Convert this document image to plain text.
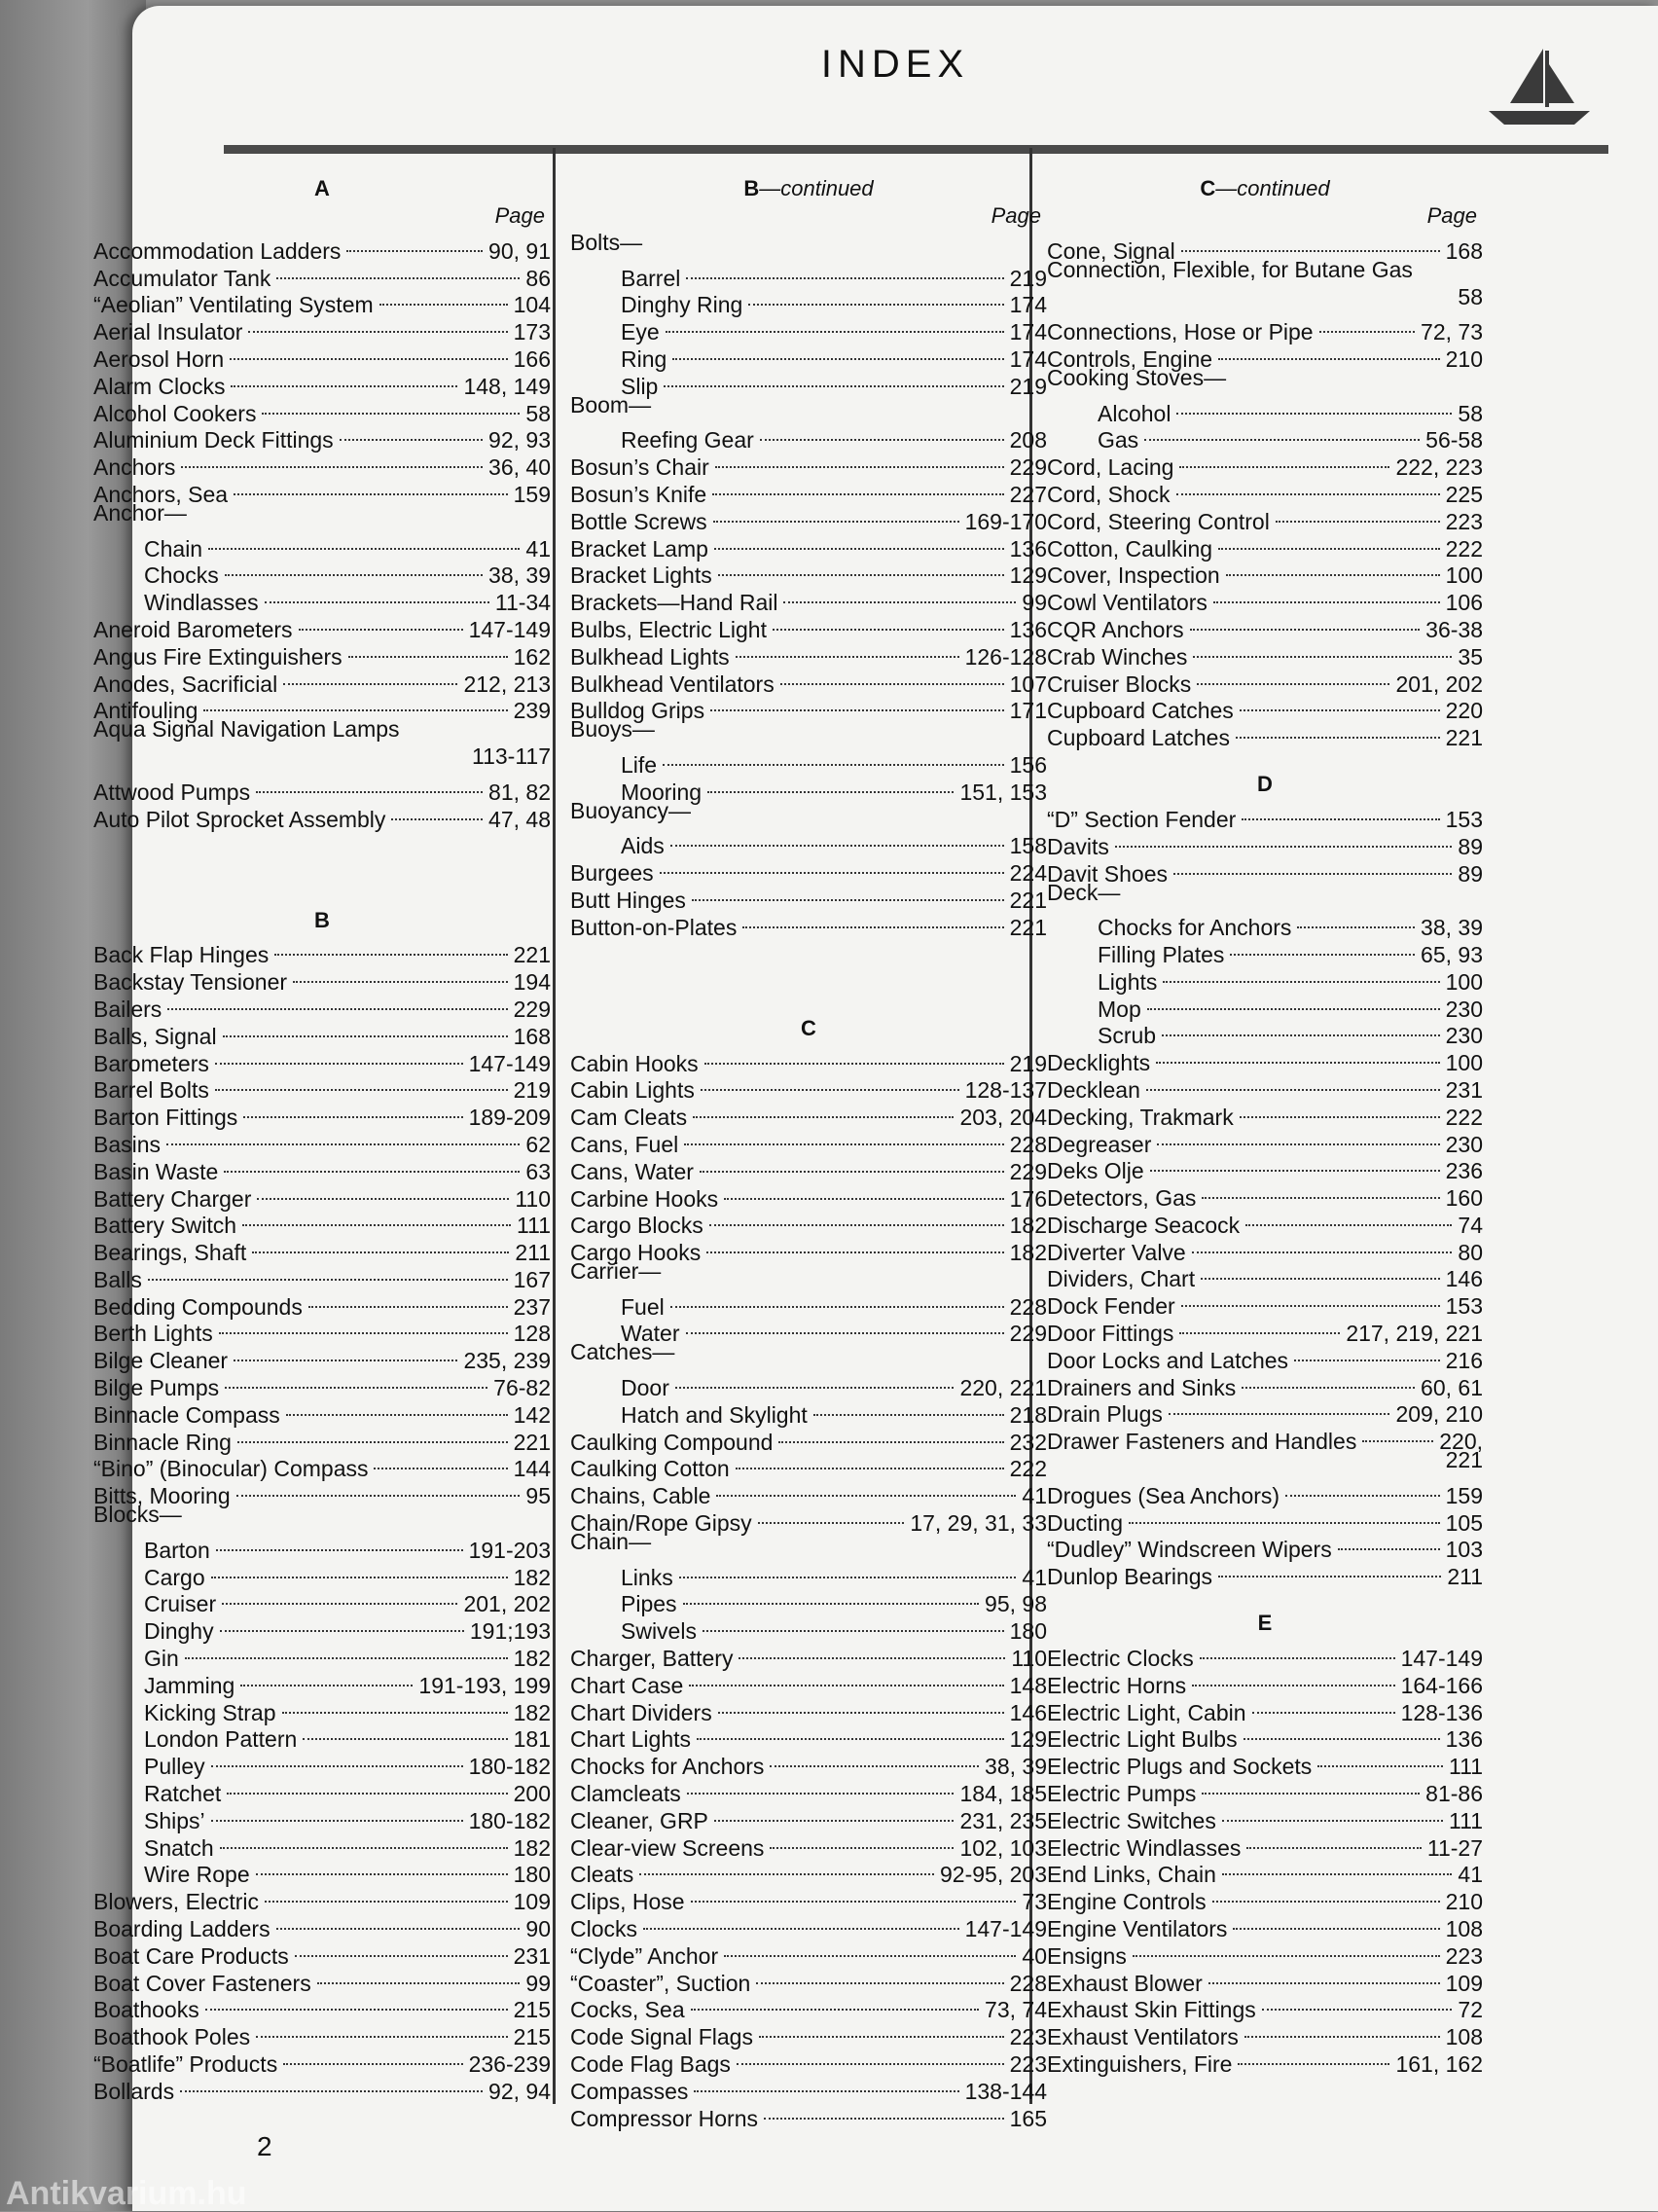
INDEX
2
A
Page
Accommodation Ladders	90, 91
Accumulator Tank	86
“Aeolian” Ventilating System	104
Aerial Insulator	173
Aerosol Horn	166
Alarm Clocks	148, 149
Alcohol Cookers	58
Aluminium Deck Fittings	92, 93
Anchors	36, 40
Anchors, Sea	159
Anchor—
Chain	41
Chocks	38, 39
Windlasses	11-34
Aneroid Barometers	147-149
Angus Fire Extinguishers	162
Anodes, Sacrificial	212, 213
Antifouling	239
Aqua Signal Navigation Lamps
113-117
Attwood Pumps	81, 82
Auto Pilot Sprocket Assembly	47, 48
B
Back Flap Hinges	221
Backstay Tensioner	194
Bailers	229
Balls, Signal	168
Barometers	147-149
Barrel Bolts	219
Barton Fittings	189-209
Basins	62
Basin Waste	63
Battery Charger	110
Battery Switch	111
Bearings, Shaft	211
Balls	167
Bedding Compounds	237
Berth Lights	128
Bilge Cleaner	235, 239
Bilge Pumps	76-82
Binnacle Compass	142
Binnacle Ring	221
“Bino” (Binocular) Compass	144
Bitts, Mooring	95
Blocks—
Barton	191-203
Cargo	182
Cruiser	201, 202
Dinghy	191;193
Gin	182
Jamming	191-193, 199
Kicking Strap	182
London Pattern	181
Pulley	180-182
Ratchet	200
Ships’	180-182
Snatch	182
Wire Rope	180
Blowers, Electric	109
Boarding Ladders	90
Boat Care Products	231
Boat Cover Fasteners	99
Boathooks	215
Boathook Poles	215
“Boatlife” Products	236-239
Bollards	92, 94
B—continued
Page
Bolts—
Barrel	219
Dinghy Ring	174
Eye	174
Ring	174
Slip	219
Boom—
Reefing Gear	208
Bosun’s Chair	229
Bosun’s Knife	227
Bottle Screws	169-170
Bracket Lamp	136
Bracket Lights	129
Brackets—Hand Rail	99
Bulbs, Electric Light	136
Bulkhead Lights	126-128
Bulkhead Ventilators	107
Bulldog Grips	171
Buoys—
Life	156
Mooring	151, 153
Buoyancy—
Aids	158
Burgees	224
Butt Hinges	221
Button-on-Plates	221
C
Cabin Hooks	219
Cabin Lights	128-137
Cam Cleats	203, 204
Cans, Fuel	228
Cans, Water	229
Carbine Hooks	176
Cargo Blocks	182
Cargo Hooks	182
Carrier—
Fuel	228
Water	229
Catches—
Door	220, 221
Hatch and Skylight	218
Caulking Compound	232
Caulking Cotton	222
Chains, Cable	41
Chain/Rope Gipsy	17, 29, 31, 33
Chain—
Links	41
Pipes	95, 98
Swivels	180
Charger, Battery	110
Chart Case	148
Chart Dividers	146
Chart Lights	129
Chocks for Anchors	38, 39
Clamcleats	184, 185
Cleaner, GRP	231, 235
Clear-view Screens	102, 103
Cleats	92-95, 203
Clips, Hose	73
Clocks	147-149
“Clyde” Anchor	40
“Coaster”, Suction	228
Cocks, Sea	73, 74
Code Signal Flags	223
Code Flag Bags	223
Compasses	138-144
Compressor Horns	165
C—continued
Page
Cone, Signal	168
Connection, Flexible, for Butane Gas
58
Connections, Hose or Pipe	72, 73
Controls, Engine	210
Cooking Stoves—
Alcohol	58
Gas	56-58
Cord, Lacing	222, 223
Cord, Shock	225
Cord, Steering Control	223
Cotton, Caulking	222
Cover, Inspection	100
Cowl Ventilators	106
CQR Anchors	36-38
Crab Winches	35
Cruiser Blocks	201, 202
Cupboard Catches	220
Cupboard Latches	221
D
“D” Section Fender	153
Davits	89
Davit Shoes	89
Deck—
Chocks for Anchors	38, 39
Filling Plates	65, 93
Lights	100
Mop	230
Scrub	230
Decklights	100
Decklean	231
Decking, Trakmark	222
Degreaser	230
Deks Olje	236
Detectors, Gas	160
Discharge Seacock	74
Diverter Valve	80
Dividers, Chart	146
Dock Fender	153
Door Fittings	217, 219, 221
Door Locks and Latches	216
Drainers and Sinks	60, 61
Drain Plugs	209, 210
Drawer Fasteners and Handles	220,
221
Drogues (Sea Anchors)	159
Ducting	105
“Dudley” Windscreen Wipers	103
Dunlop Bearings	211
E
Electric Clocks	147-149
Electric Horns	164-166
Electric Light, Cabin	128-136
Electric Light Bulbs	136
Electric Plugs and Sockets	111
Electric Pumps	81-86
Electric Switches	111
Electric Windlasses	11-27
End Links, Chain	41
Engine Controls	210
Engine Ventilators	108
Ensigns	223
Exhaust Blower	109
Exhaust Skin Fittings	72
Exhaust Ventilators	108
Extinguishers, Fire	161, 162
Antikvarium.hu
